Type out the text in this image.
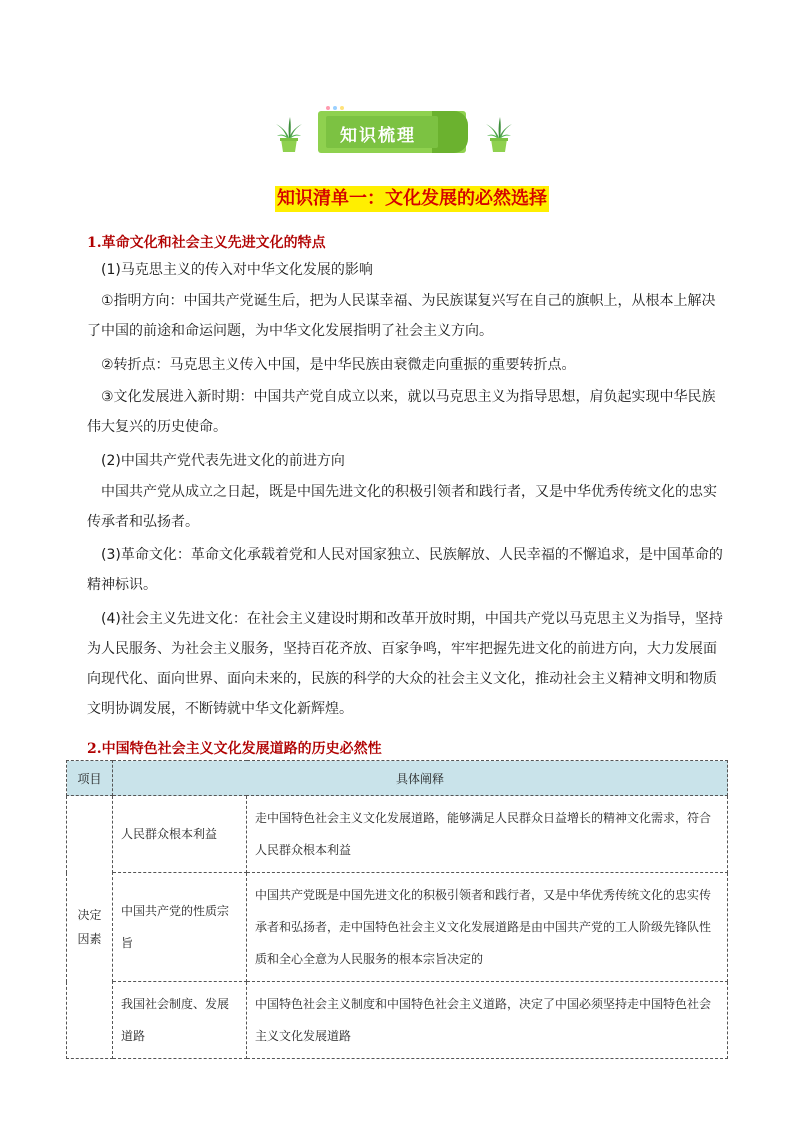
知识梳理
知识清单一：文化发展的必然选择
1.革命文化和社会主义先进文化的特点
(1)马克思主义的传入对中华文化发展的影响
①指明方向：中国共产党诞生后，把为人民谋幸福、为民族谋复兴写在自己的旗帜上，从根本上解决了中国的前途和命运问题，为中华文化发展指明了社会主义方向。
②转折点：马克思主义传入中国，是中华民族由衰微走向重振的重要转折点。
③文化发展进入新时期：中国共产党自成立以来，就以马克思主义为指导思想，肩负起实现中华民族伟大复兴的历史使命。
(2)中国共产党代表先进文化的前进方向
中国共产党从成立之日起，既是中国先进文化的积极引领者和践行者，又是中华优秀传统文化的忠实传承者和弘扬者。
(3)革命文化：革命文化承载着党和人民对国家独立、民族解放、人民幸福的不懈追求，是中国革命的精神标识。
(4)社会主义先进文化：在社会主义建设时期和改革开放时期，中国共产党以马克思主义为指导，坚持为人民服务、为社会主义服务，坚持百花齐放、百家争鸣，牢牢把握先进文化的前进方向，大力发展面向现代化、面向世界、面向未来的，民族的科学的大众的社会主义文化，推动社会主义精神文明和物质文明协调发展，不断铸就中华文化新辉煌。
2.中国特色社会主义文化发展道路的历史必然性
项目	具体阐释	
决定因素	人民群众根本利益	走中国特色社会主义文化发展道路，能够满足人民群众日益增长的精神文化需求，符合人民群众根本利益
	中国共产党的性质宗旨	中国共产党既是中国先进文化的积极引领者和践行者，又是中华优秀传统文化的忠实传承者和弘扬者，走中国特色社会主义文化发展道路是由中国共产党的工人阶级先锋队性质和全心全意为人民服务的根本宗旨决定的
	我国社会制度、发展道路	中国特色社会主义制度和中国特色社会主义道路，决定了中国必须坚持走中国特色社会主义文化发展道路
